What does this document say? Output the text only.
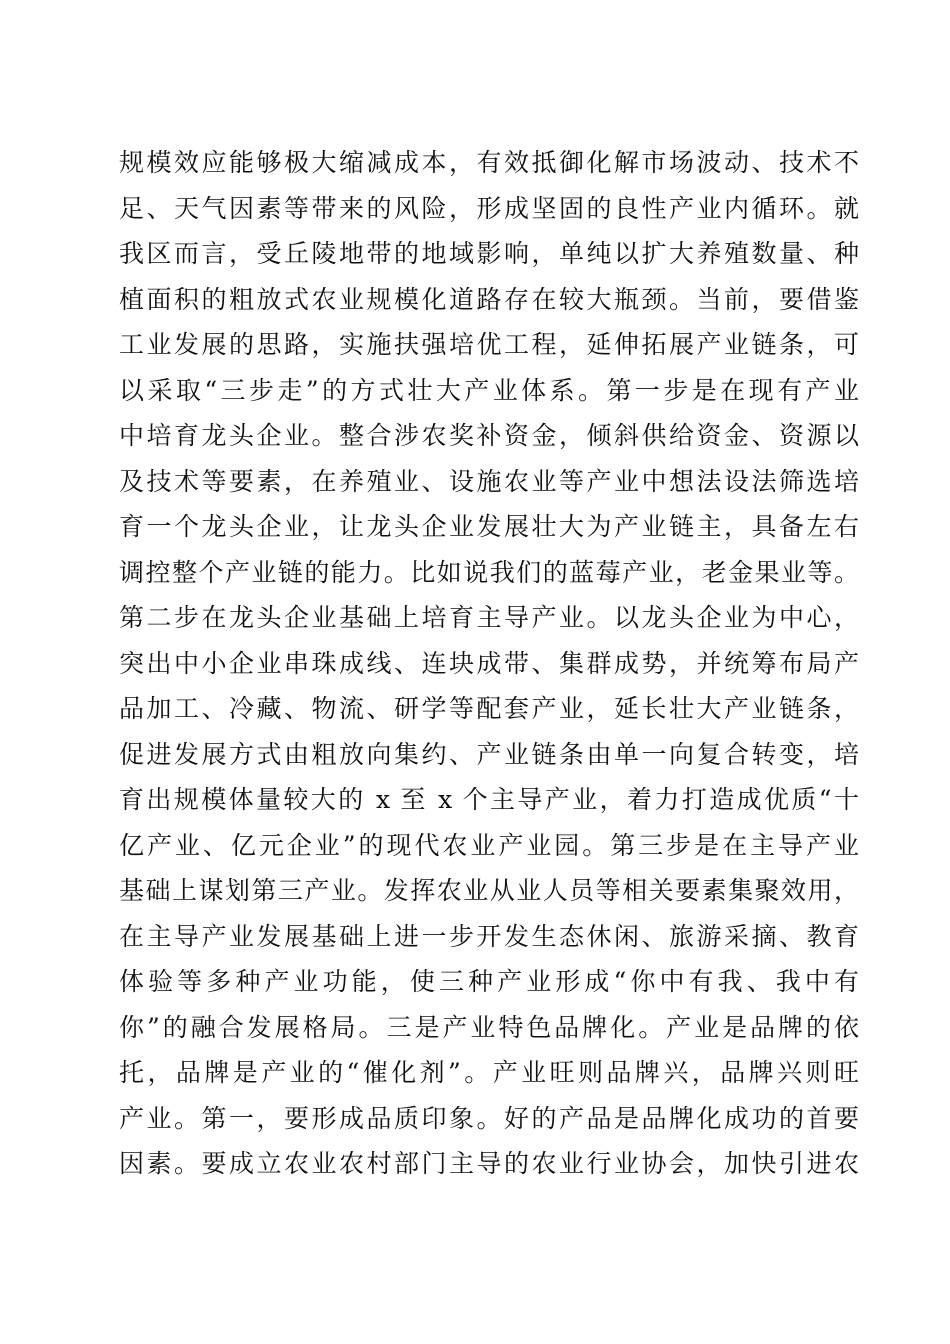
规模效应能够极大缩减成本，有效抵御化解市场波动、技术不
足、天气因素等带来的风险，形成坚固的良性产业内循环。就
我区而言，受丘陵地带的地域影响，单纯以扩大养殖数量、种
植面积的粗放式农业规模化道路存在较大瓶颈。当前，要借鉴
工业发展的思路，实施扶强培优工程，延伸拓展产业链条，可
以采取“三步走”的方式壮大产业体系。第一步是在现有产业
中培育龙头企业。整合涉农奖补资金，倾斜供给资金、资源以
及技术等要素，在养殖业、设施农业等产业中想法设法筛选培
育一个龙头企业，让龙头企业发展壮大为产业链主，具备左右
调控整个产业链的能力。比如说我们的蓝莓产业，老金果业等。
第二步在龙头企业基础上培育主导产业。以龙头企业为中心，
突出中小企业串珠成线、连块成带、集群成势，并统筹布局产
品加工、冷藏、物流、研学等配套产业，延长壮大产业链条，
促进发展方式由粗放向集约、产业链条由单一向复合转变，培
育出规模体量较大的 x 至 x 个主导产业，着力打造成优质“十
亿产业、亿元企业”的现代农业产业园。第三步是在主导产业
基础上谋划第三产业。发挥农业从业人员等相关要素集聚效用，
在主导产业发展基础上进一步开发生态休闲、旅游采摘、教育
体验等多种产业功能，使三种产业形成“你中有我、我中有
你”的融合发展格局。三是产业特色品牌化。产业是品牌的依
托，品牌是产业的“催化剂”。产业旺则品牌兴，品牌兴则旺
产业。第一，要形成品质印象。好的产品是品牌化成功的首要
因素。要成立农业农村部门主导的农业行业协会，加快引进农
